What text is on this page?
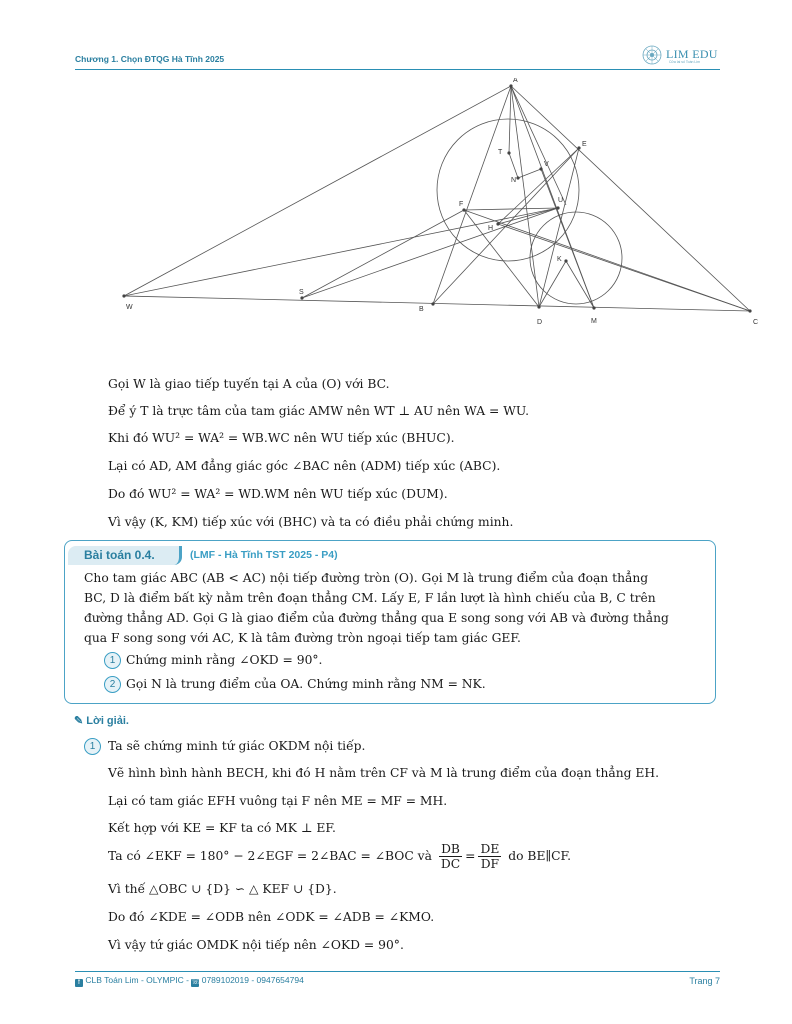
Chương 1. Chọn ĐTQG Hà Tĩnh 2025	LIM EDU
Cửa lai số Toán Lim
A
E
T
V
N
U
F
H
K
W
S
B
D	M	C
Gọi W là giao tiếp tuyến tại A của (O) với BC.
Để ý T là trực tâm của tam giác AMW nên WT ⊥ AU nên WA = WU.
Khi đó WU² = WA² = WB.WC nên WU tiếp xúc (BHUC).
Lại có AD, AM đẳng giác góc ∠BAC nên (ADM) tiếp xúc (ABC).
Do đó WU² = WA² = WD.WM nên WU tiếp xúc (DUM).
Vì vậy (K, KM) tiếp xúc với (BHC) và ta có điều phải chứng minh.
Bài toán 0.4.	(LMF - Hà Tĩnh TST 2025 - P4)
Cho tam giác ABC (AB < AC) nội tiếp đường tròn (O). Gọi M là trung điểm của đoạn thẳng
BC, D là điểm bất kỳ nằm trên đoạn thẳng CM. Lấy E, F lần lượt là hình chiếu của B, C trên
đường thẳng AD. Gọi G là giao điểm của đường thẳng qua E song song với AB và đường thẳng
qua F song song với AC, K là tâm đường tròn ngoại tiếp tam giác GEF.
1 Chứng minh rằng ∠OKD = 90°.
2 Gọi N là trung điểm của OA. Chứng minh rằng NM = NK.
✎ Lời giải.
1	Ta sẽ chứng minh tứ giác OKDM nội tiếp.
Vẽ hình bình hành BECH, khi đó H nằm trên CF và M là trung điểm của đoạn thẳng EH.
Lại có tam giác EFH vuông tại F nên ME = MF = MH.
Kết hợp với KE = KF ta có MK ⊥ EF.
Ta có ∠EKF = 180° − 2∠EGF = 2∠BAC = ∠BOC và $\frac{DB}{DC} = \frac{DE}{DF}$ do BE∥CF.
Vì thế △OBC ∪ {D} ∽ △ KEF ∪ {D}.
Do đó ∠KDE = ∠ODB nên ∠ODK = ∠ADB = ∠KMO.
Vì vậy tứ giác OMDK nội tiếp nên ∠OKD = 90°.
f CLB Toán Lim - OLYMPIC - ☏ 0789102019 - 0947654794	Trang 7
